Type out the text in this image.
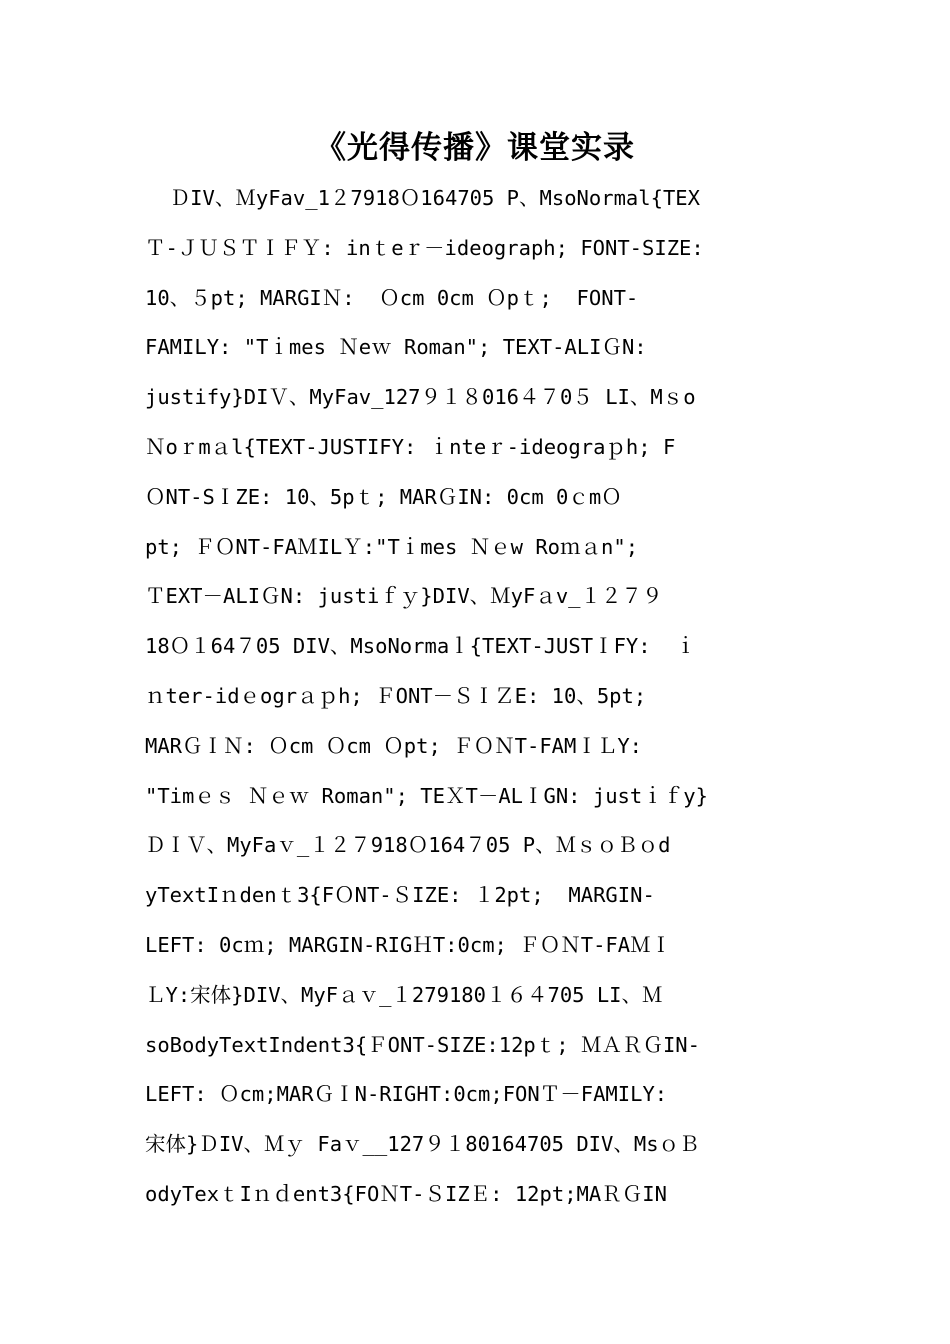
《光得传播》课堂实录
ＤIV、ＭyFav_1２7918Ｏ164705 P、MsoNormal{TEX
Ｔ-ＪＵＳＴＩＦＹ: inｔeｒ－ideograph; FONT-SIZE:
10、５pt; MARGIＮ:  Ｏcm 0cm Ｏpｔ;  FONT-
FAMILY: "Tｉmes Ｎeｗ Roman"; TEXT-ALIＧN:
justify}DIＶ、MyFav_127９１８016４７0５ LI、Mｓo
Ｎoｒmａl{TEXT-JUSTIFY: ｉnteｒ-ideograｐh; F
ＯNT-SＩZE: 10、5pｔ; MARＧIN: 0cm 0ｃmＯ
pt; ＦＯNT-FAＭILＹ:"Tｉmes Ｎｅw Roｍａn";
ＴEXT－ALIＧN: justiｆｙ}DIV、ＭyFａv_１２７９
18Ｏ１64７05 DIV、MsoNormaｌ{TEXT-JUSTＩFY:  ｉ
ｎter-idｅogrａｐh; ＦONT－ＳＩＺE: 10、5pt;
MARＧＩＮ: Ｏcm Ｏcm Ｏpt; ＦＯＮT-FAMＩＬY:
"Timｅｓ Ｎｅｗ Roman"; TEＸT－ALＩGN: justｉｆy}
ＤＩＶ、MyFaｖ_１２７918Ｏ164７05 P、ＭｓｏＢｏd
yTextIｎdenｔ3{FＯNT-ＳIZE: １2pt;  MARGIN-
LEFT: 0cｍ; MARGIN-RIGＨT:0cm; ＦＯＮT-FAＭＩ
ＬY:宋体}DIV、MyFａｖ_１279180１６４705 LI、Ｍ
soBodyTextIndent3{ＦONT-SIZE:12pｔ; ＭＡＲＧIN-
LEFT: Ｏcm;MARＧＩN-RIGHT:0cm;FONＴ－FAMILY:
宋体}ＤIV、Ｍｙ Faｖ__127９１80164705 DIV、MsｏＢ
odyTexｔIｎｄent3{FOＮT-ＳIZＥ: 12pt;MAＲＧIN
